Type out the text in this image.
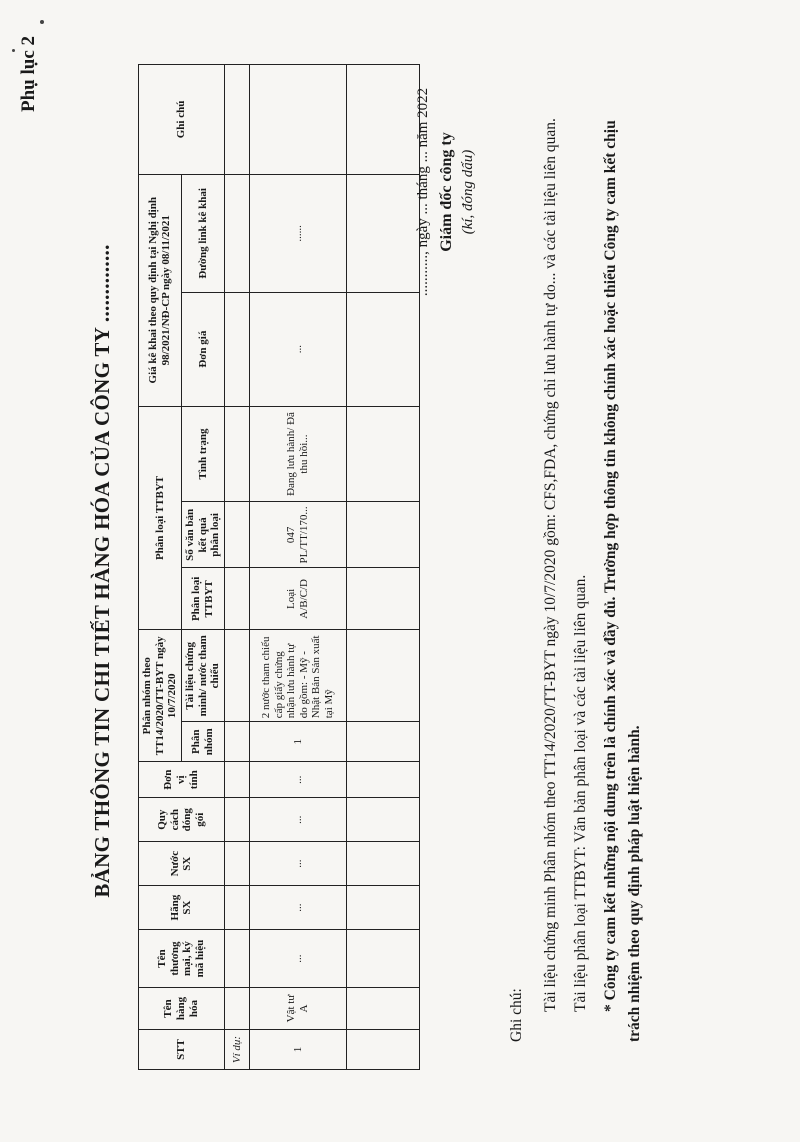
Phụ lục 2
BẢNG THÔNG TIN CHI TIẾT HÀNG HÓA CỦA CÔNG TY ..............
STT	Tên hàng hóa	Tên thương mại, ký mã hiệu	Hãng SX	Nước SX	Quy cách đóng gói	Đơn vị tính	Phân nhóm theo TT14/2020/TT-BYT ngày 10/7/2020		Phân loại TTBYT			Giá kê khai theo quy định tại Nghị định 98/2021/NĐ-CP ngày 08/11/2021		Ghi chú
							Phân nhóm	Tài liệu chứng minh/ nước tham chiếu	Phân loại TTBYT	Số văn bản kết quả phân loại	Tình trạng	Đơn giá	Đường link kê khai	
Ví dụ:														
1	Vật tư A	...	...	...	...	...	1	2 nước tham chiếu cấp giấy chứng nhận lưu hành tự do gồm: - Mỹ - Nhật Bản Sản xuất tại Mỹ	Loại A/B/C/D	047 PL/TT/170...	Đang lưu hành/ Đã thu hồi...	...	......	
															..........., ngày ... tháng ... năm 2022 Giám đốc công ty (kí, đóng dấu)

Ghi chú:

Tài liệu chứng minh Phân nhóm theo TT14/2020/TT-BYT ngày 10/7/2020 gồm: CFS,FDA, chứng chỉ lưu hành tự do... và các tài liệu liên quan. Tài liệu phân loại TTBYT: Văn bản phân loại và các tài liệu liên quan. * Công ty cam kết những nội dung trên là chính xác và đầy đủ. Trường hợp thông tin không chính xác hoặc thiếu Công ty cam kết chịu trách nhiệm theo quy định pháp luật hiện hành.
